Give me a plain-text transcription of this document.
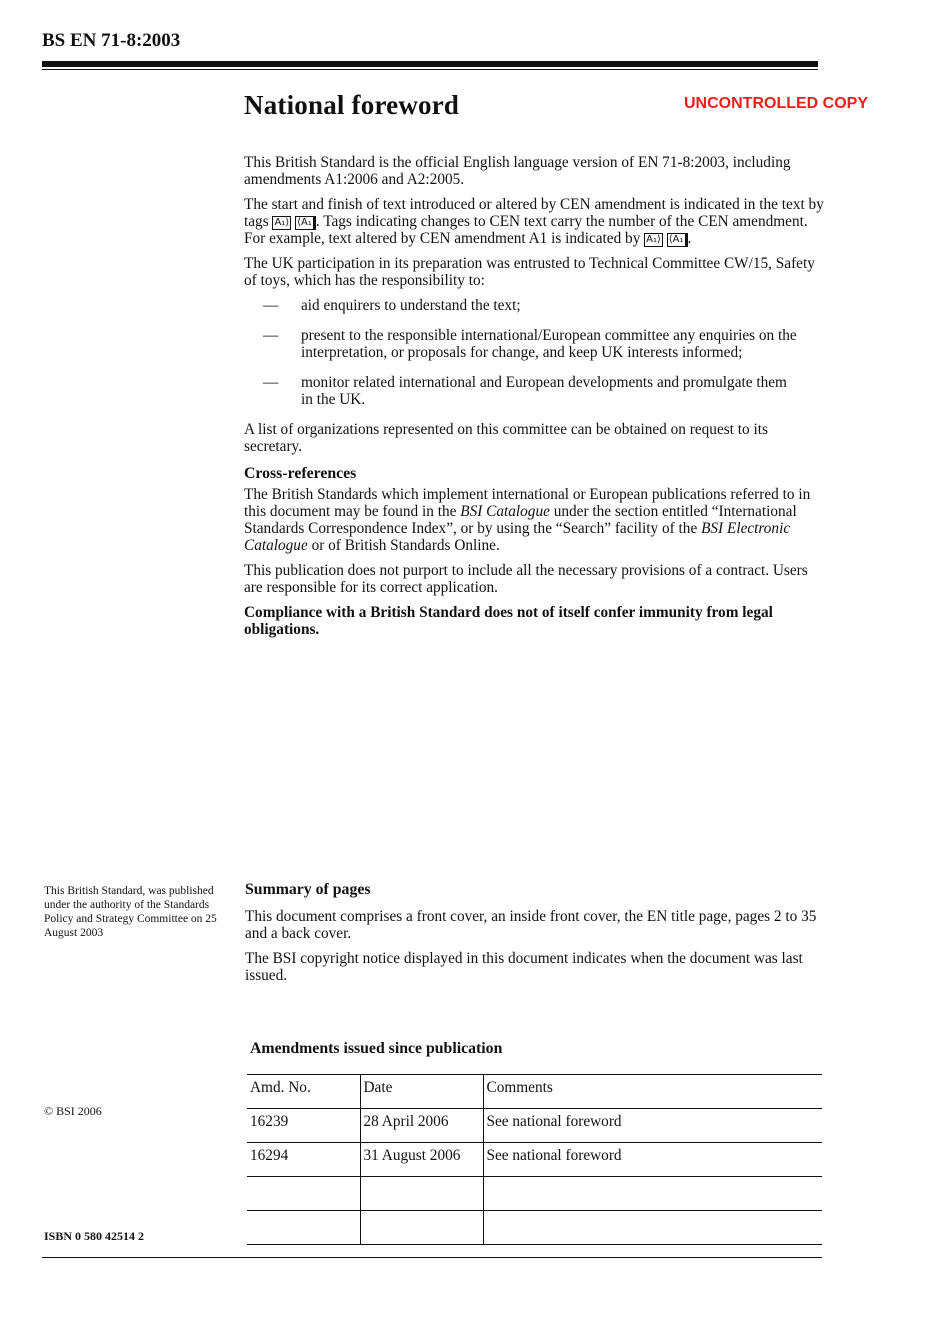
BS EN 71-8:2003
National foreword	UNCONTROLLED COPY

This British Standard is the official English language version of EN 71-8:2003, including amendments A1:2006 and A2:2005.

The start and finish of text introduced or altered by CEN amendment is indicated in the text by tags A₁⟩ ⟨A₁ . Tags indicating changes to CEN text carry the number of the CEN amendment. For example, text altered by CEN amendment A1 is indicated by A₁⟩ ⟨A₁ .

The UK participation in its preparation was entrusted to Technical Committee CW/15, Safety of toys, which has the responsibility to:

—	aid enquirers to understand the text;
—	present to the responsible international/European committee any enquiries on the interpretation, or proposals for change, and keep UK interests informed;
—	monitor related international and European developments and promulgate them in the UK.

A list of organizations represented on this committee can be obtained on request to its secretary.

Cross-references

The British Standards which implement international or European publications referred to in this document may be found in the BSI Catalogue under the section entitled “International Standards Correspondence Index”, or by using the “Search” facility of the BSI Electronic Catalogue or of British Standards Online.

This publication does not purport to include all the necessary provisions of a contract. Users are responsible for its correct application.

Compliance with a British Standard does not of itself confer immunity from legal obligations.

This British Standard, was published under the authority of the Standards Policy and Strategy Committee on 25 August 2003
Summary of pages

This document comprises a front cover, an inside front cover, the EN title page, pages 2 to 35 and a back cover.

The BSI copyright notice displayed in this document indicates when the document was last issued.

Amendments issued since publication
Amd. No.	Date	Comments
16239	28 April 2006	See national foreword
16294	31 August 2006	See national foreword

© BSI 2006
ISBN 0 580 42514 2
